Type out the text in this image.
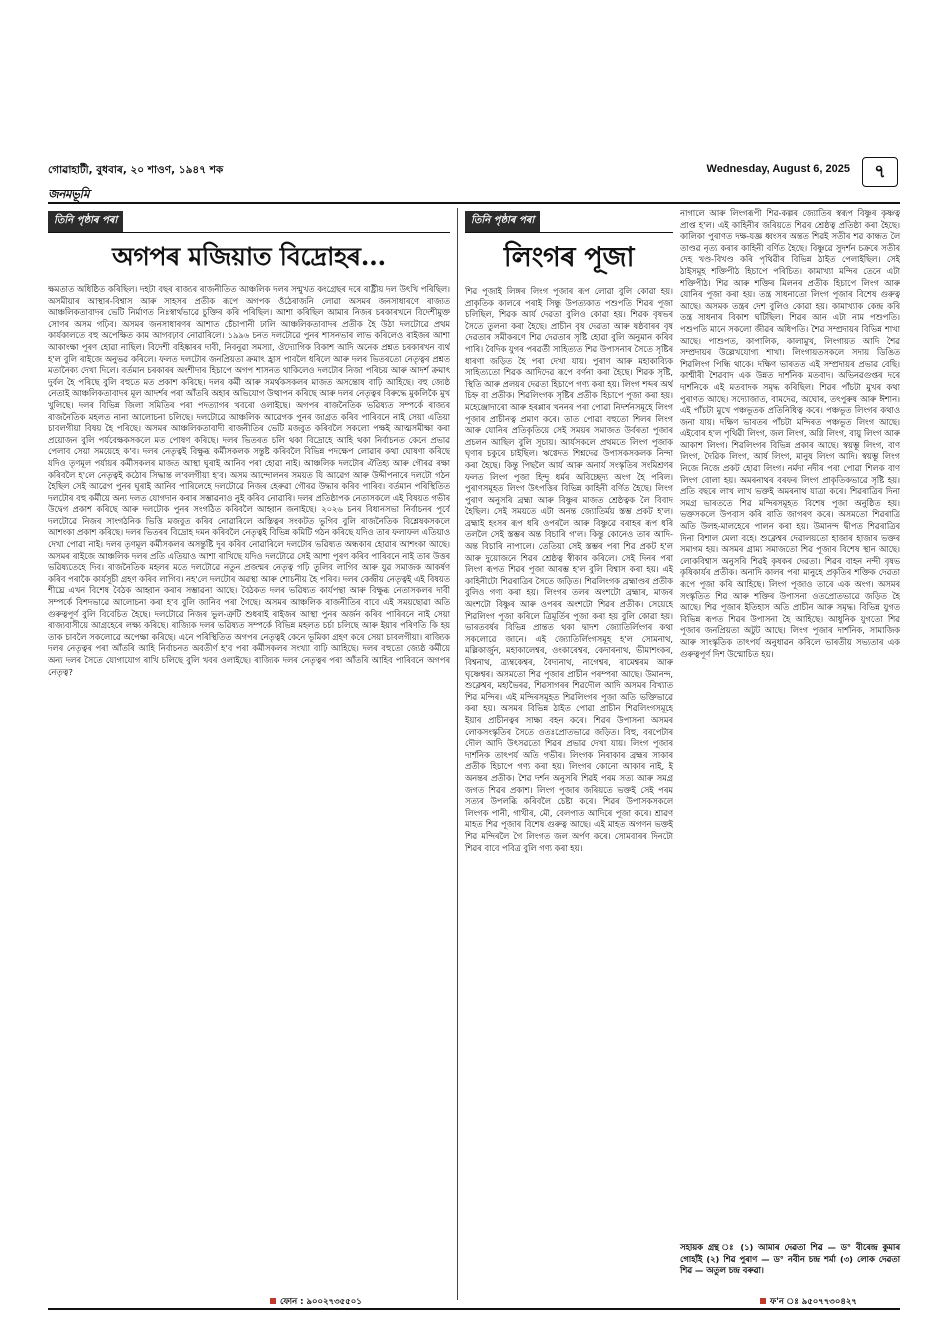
গোৱাহাটী, বুধবাৰ, ২০ শাওণ, ১৯৪৭ শক	Wednesday, August 6, 2025	৭
জনমভূমি
তিনি পৃষ্ঠাৰ পৰা
অগপৰ মজিয়াত বিদ্ৰোহৰ...

ক্ষমতাত অধিষ্ঠিত কৰিছিল। দহটা বছৰ ৰাজ্যৰ ৰাজনীতিত আঞ্চলিক দলৰ সন্মুখত কংগ্ৰেছৰ দৰে ৰাষ্ট্ৰীয় দল উৎখি পৰিছিল। অসমীয়াৰ আস্থাৰ-বিশ্বাস আৰু সাহসৰ প্ৰতীক ৰূপে অগপক ওঁঠেৰাজনি লোৱা অসমৰ জনসাধাৰণে ৰাজ্যত আঞ্চলিকতাবাদৰ ভেটি নিৰ্মাণত নিঃস্বাৰ্থভাৱে চুক্তিৰ কৰি পৰিছিল। আশা কৰিছিল আমাৰ নিজৰ চৰকাৰখনে বিদেশীমুক্ত সোণৰ অসম গঢ়িব। অসমৰ জনসাধাৰণৰ আশাত চেঁচাপানী ঢালি আঞ্চলিকতাবাদৰ প্ৰতীক হৈ উঠা দলটোৱে প্ৰথম কাৰ্যকালতে বহু অপেক্ষিত কাম আগবঢ়াব নোৱাৰিলে। ১৯৯৬ চনত দলটোৱে পুনৰ শাসনভাৰ লাভ কৰিলেও ৰাইজৰ আশা আকাংক্ষা পূৰণ হোৱা নাছিল। বিদেশী বহিষ্কাৰৰ দাবী, নিবনুৱা সমস্যা, ঔদ্যোগিক বিকাশ আদি অনেক প্ৰশ্নত চৰকাৰখন ব্যৰ্থ হ'ল বুলি ৰাইজে অনুভৱ কৰিলে। ফলত দলটোৰ জনপ্ৰিয়তা ক্ৰমাৎ হ্ৰাস পাবলৈ ধৰিলে আৰু দলৰ ভিতৰতো নেতৃত্বৰ প্ৰশ্নত মতানৈক্য দেখা দিলে। বৰ্তমান চৰকাৰৰ অংশীদাৰ হিচাপে অগপ শাসনত থাকিলেও দলটোৰ নিজা পৰিচয় আৰু আদৰ্শ ক্ৰমাৎ দুৰ্বল হৈ পৰিছে বুলি বহুতে মত প্ৰকাশ কৰিছে। দলৰ কৰ্মী আৰু সমৰ্থকসকলৰ মাজত অসন্তোষ বাঢ়ি আহিছে। বহু জ্যেষ্ঠ নেতাই আঞ্চলিকতাবাদৰ মূল আদৰ্শৰ পৰা আঁতৰি অহাৰ অভিযোগ উত্থাপন কৰিছে আৰু দলৰ নেতৃত্বৰ বিৰুদ্ধে মুকলিকৈ মুখ খুলিছে। দলৰ বিভিন্ন জিলা সমিতিৰ পৰা পদত্যাগৰ খবৰো ওলাইছে। অগপৰ ৰাজনৈতিক ভৱিষ্যত সম্পৰ্কে ৰাজ্যৰ ৰাজনৈতিক মহলত নানা আলোচনা চলিছে। দলটোৱে আঞ্চলিক আৱেগক পুনৰ জাগ্ৰত কৰিব পাৰিবনে নাই সেয়া এতিয়া চাবলগীয়া বিষয় হৈ পৰিছে। অসমৰ আঞ্চলিকতাবাদী ৰাজনীতিৰ ভেটি মজবুত কৰিবলৈ সকলো পক্ষই আত্মসমীক্ষা কৰা প্ৰয়োজন বুলি পৰ্যবেক্ষকসকলে মত পোষণ কৰিছে। দলৰ ভিতৰত চলি থকা বিদ্ৰোহে আহি থকা নিৰ্বাচনত কেনে প্ৰভাৱ পেলাব সেয়া সময়েহে ক'ব। দলৰ নেতৃত্বই বিক্ষুব্ধ কৰ্মীসকলক সন্তুষ্ট কৰিবলৈ বিভিন্ন পদক্ষেপ লোৱাৰ কথা ঘোষণা কৰিছে যদিও তৃণমূল পৰ্যায়ৰ কৰ্মীসকলৰ মাজত আস্থা ঘূৰাই আনিব পৰা হোৱা নাই। আঞ্চলিক দলটোৰ ঐতিহ্য আৰু গৌৰৱ ৰক্ষা কৰিবলৈ হ'লে নেতৃত্বই কঠোৰ সিদ্ধান্ত ল'বলগীয়া হ'ব। অসম আন্দোলনৰ সময়ত যি আৱেগ আৰু উদ্দীপনাৰে দলটো গঠন হৈছিল সেই আৱেগ পুনৰ ঘূৰাই আনিব পাৰিলেহে দলটোৱে নিজৰ হেৰুৱা গৌৰৱ উদ্ধাৰ কৰিব পাৰিব। বৰ্তমান পৰিস্থিতিত দলটোৰ বহু কৰ্মীয়ে অন্য দলত যোগদান কৰাৰ সম্ভাৱনাও নুই কৰিব নোৱাৰি। দলৰ প্ৰতিষ্ঠাপক নেতাসকলে এই বিষয়ত গভীৰ উদ্বেগ প্ৰকাশ কৰিছে আৰু দলটোক পুনৰ সংগঠিত কৰিবলৈ আহ্বান জনাইছে। ২০২৬ চনৰ বিধানসভা নিৰ্বাচনৰ পূৰ্বে দলটোৱে নিজৰ সাংগঠনিক ভিত্তি মজবুত কৰিব নোৱাৰিলে অস্তিত্বৰ সংকটত ভুগিব বুলি ৰাজনৈতিক বিশ্লেষকসকলে আশংকা প্ৰকাশ কৰিছে। দলৰ ভিতৰৰ বিদ্ৰোহ দমন কৰিবলৈ নেতৃত্বই বিভিন্ন কমিটি গঠন কৰিছে যদিও তাৰ ফলাফল এতিয়াও দেখা পোৱা নাই। দলৰ তৃণমূল কৰ্মীসকলৰ অসন্তুষ্টি দূৰ কৰিব নোৱাৰিলে দলটোৰ ভৱিষ্যত অন্ধকাৰ হোৱাৰ আশংকা আছে। অসমৰ ৰাইজে আঞ্চলিক দলৰ প্ৰতি এতিয়াও আশা ৰাখিছে যদিও দলটোৱে সেই আশা পূৰণ কৰিব পাৰিবনে নাই তাৰ উত্তৰ ভৱিষ্যতেহে দিব। ৰাজনৈতিক মহলৰ মতে দলটোৱে নতুন প্ৰজন্মৰ নেতৃত্ব গঢ়ি তুলিব লাগিব আৰু যুৱ সমাজক আকৰ্ষণ কৰিব পৰাকৈ কাৰ্যসূচী গ্ৰহণ কৰিব লাগিব। নহ'লে দলটোৰ অৱস্থা আৰু শোচনীয় হৈ পৰিব। দলৰ কেন্দ্ৰীয় নেতৃত্বই এই বিষয়ত শীঘ্ৰে এখন বিশেষ বৈঠক আহ্বান কৰাৰ সম্ভাৱনা আছে। বৈঠকত দলৰ ভৱিষ্যত কাৰ্যপন্থা আৰু বিক্ষুব্ধ নেতাসকলৰ দাবী সম্পৰ্কে বিশদভাৱে আলোচনা কৰা হ'ব বুলি জানিব পৰা গৈছে। অসমৰ আঞ্চলিক ৰাজনীতিৰ বাবে এই সময়ছোৱা অতি গুৰুত্বপূৰ্ণ বুলি বিবেচিত হৈছে। দলটোৱে নিজৰ ভুল-ত্ৰুটি শুধৰাই ৰাইজৰ আস্থা পুনৰ অৰ্জন কৰিব পাৰিবনে নাই সেয়া ৰাজ্যবাসীয়ে আগ্ৰহেৰে লক্ষ্য কৰিছে। ৰাজ্যিক দলৰ ভৱিষ্যত সম্পৰ্কে বিভিন্ন মহলত চৰ্চা চলিছে আৰু ইয়াৰ পৰিণতি কি হয় তাক চাবলৈ সকলোৱে অপেক্ষা কৰিছে। এনে পৰিস্থিতিত অগপৰ নেতৃত্বই কেনে ভূমিকা গ্ৰহণ কৰে সেয়া চাবলগীয়া। ৰাজ্যিক দলৰ নেতৃত্বৰ পৰা আঁতৰি আহি নিৰ্বাচনত অবতীৰ্ণ হ'ব পৰা কৰ্মীসকলৰ সংখ্যা বাঢ়ি আহিছে। দলৰ বহুতো জ্যেষ্ঠ কৰ্মীয়ে অন্য দলৰ সৈতে যোগাযোগ ৰাখি চলিছে বুলি খবৰ ওলাইছে। ৰাজ্যিক দলৰ নেতৃত্বৰ পৰা আঁতৰি আহিব পাৰিবনে অগপৰ নেতৃত্ব?

ফোন : ৯০০২৭৩৫৫০১
তিনি পৃষ্ঠাৰ পৰা
লিংগৰ পূজা

শিৱ পূজাই লিঙ্গৰ লিংগ পূজাৰ ৰূপ লোৱা বুলি কোৱা হয়। প্ৰাকৃতিক কালৰে পৰাই সিন্ধু উপত্যকাত পশুপতি শিৱৰ পূজা চলিছিল, শিৱক আৰ্য দেৱতা বুলিও কোৱা হয়। শিৱক বৃষভৰ সৈতে তুলনা কৰা হৈছে। প্ৰাচীন বৃষ দেৱতা আৰু ষষ্ঠবাৰৰ বৃষ দেৱতাৰ সমীকৰণে শিৱ দেৱতাৰ সৃষ্টি হোৱা বুলি অনুমান কৰিব পাৰি। বৈদিক যুগৰ পৰৱৰ্তী সাহিত্যত শিৱ উপাসনাৰ সৈতে সৃষ্টিৰ ধাৰণা জড়িত হৈ পৰা দেখা যায়। পুৰাণ আৰু মহাকাব্যিক সাহিত্যতো শিৱক আদিদেৱ ৰূপে বৰ্ণনা কৰা হৈছে। শিৱক সৃষ্টি, স্থিতি আৰু প্ৰলয়ৰ দেৱতা হিচাপে গণ্য কৰা হয়। লিংগ শব্দৰ অৰ্থ চিহ্ন বা প্ৰতীক। শিৱলিংগক সৃষ্টিৰ প্ৰতীক হিচাপে পূজা কৰা হয়। মহেঞ্জোদাৰো আৰু হৰপ্পাৰ খননৰ পৰা পোৱা নিদৰ্শনসমূহে লিংগ পূজাৰ প্ৰাচীনত্ব প্ৰমাণ কৰে। তাত পোৱা বহুতো শিলৰ লিংগ আৰু যোনিৰ প্ৰতিকৃতিয়ে সেই সময়ৰ সমাজত উৰ্বৰতা পূজাৰ প্ৰচলন আছিল বুলি সূচায়। আৰ্যসকলে প্ৰথমতে লিংগ পূজাক ঘৃণাৰ চকুৰে চাইছিল। ঋগ্বেদত শিশ্নদেৱ উপাসকসকলক নিন্দা কৰা হৈছে। কিন্তু পিছলৈ আৰ্য আৰু অনাৰ্য সংস্কৃতিৰ সংমিশ্ৰণৰ ফলত লিংগ পূজা হিন্দু ধৰ্মৰ অবিচ্ছেদ্য অংগ হৈ পৰিল। পুৰাণসমূহত লিংগ উৎপত্তিৰ বিভিন্ন কাহিনী বৰ্ণিত হৈছে। লিংগ পুৰাণ অনুসৰি ব্ৰহ্মা আৰু বিষ্ণুৰ মাজত শ্ৰেষ্ঠত্বক লৈ বিবাদ হৈছিল। সেই সময়তে এটা অনন্ত জ্যোতিৰ্ময় স্তম্ভ প্ৰকট হ'ল। ব্ৰহ্মাই হংসৰ ৰূপ ধৰি ওপৰলৈ আৰু বিষ্ণুৱে বৰাহৰ ৰূপ ধৰি তললৈ সেই স্তম্ভৰ অন্ত বিচাৰি গ'ল। কিন্তু কোনেও তাৰ আদি-অন্ত বিচাৰি নাপালে। তেতিয়া সেই স্তম্ভৰ পৰা শিৱ প্ৰকট হ'ল আৰু দুয়োজনে শিৱৰ শ্ৰেষ্ঠত্ব স্বীকাৰ কৰিলে। সেই দিনৰ পৰা লিংগ ৰূপত শিৱৰ পূজা আৰম্ভ হ'ল বুলি বিশ্বাস কৰা হয়। এই কাহিনীটো শিৱৰাত্ৰিৰ সৈতে জড়িত। শিৱলিংগক ব্ৰহ্মাণ্ডৰ প্ৰতীক বুলিও গণ্য কৰা হয়। লিংগৰ তলৰ অংশটো ব্ৰহ্মাৰ, মাজৰ অংশটো বিষ্ণুৰ আৰু ওপৰৰ অংশটো শিৱৰ প্ৰতীক। সেয়েহে শিৱলিংগ পূজা কৰিলে ত্ৰিমূৰ্তিৰ পূজা কৰা হয় বুলি কোৱা হয়। ভাৰতবৰ্ষৰ বিভিন্ন প্ৰান্তত থকা দ্বাদশ জ্যোতিৰ্লিংগৰ কথা সকলোৱে জানে। এই জ্যোতিৰ্লিংগসমূহ হ'ল সোমনাথ, মল্লিকাৰ্জুন, মহাকালেশ্বৰ, ওংকাৰেশ্বৰ, কেদাৰনাথ, ভীমাশংকৰ, বিশ্বনাথ, ত্ৰ্যম্বকেশ্বৰ, বৈদ্যনাথ, নাগেশ্বৰ, ৰামেশ্বৰম আৰু ঘৃষ্ণেশ্বৰ। অসমতো শিৱ পূজাৰ প্ৰাচীন পৰম্পৰা আছে। উমানন্দ, শুক্লেশ্বৰ, মহাভৈৰৱ, শিৱসাগৰৰ শিৱদৌল আদি অসমৰ বিখ্যাত শিৱ মন্দিৰ। এই মন্দিৰসমূহত শিৱলিংগৰ পূজা অতি ভক্তিভাৱে কৰা হয়। অসমৰ বিভিন্ন ঠাইত পোৱা প্ৰাচীন শিৱলিংগসমূহে ইয়াৰ প্ৰাচীনত্বৰ সাক্ষ্য বহন কৰে। শিৱৰ উপাসনা অসমৰ লোকসংস্কৃতিৰ সৈতে ওতঃপ্ৰোতভাৱে জড়িত। বিহু, বৰপেটাৰ দৌল আদি উৎসৱতো শিৱৰ প্ৰভাৱ দেখা যায়। লিংগ পূজাৰ দাৰ্শনিক তাৎপৰ্য অতি গভীৰ। লিংগক নিৰাকাৰ ব্ৰহ্মৰ সাকাৰ প্ৰতীক হিচাপে গণ্য কৰা হয়। লিংগৰ কোনো আকাৰ নাই, ই অনন্তৰ প্ৰতীক। শৈৱ দৰ্শন অনুসৰি শিৱই পৰম সত্য আৰু সমগ্ৰ জগত শিৱৰ প্ৰকাশ। লিংগ পূজাৰ জৰিয়তে ভক্তই সেই পৰম সত্যৰ উপলব্ধি কৰিবলৈ চেষ্টা কৰে। শিৱৰ উপাসকসকলে লিংগক পানী, গাখীৰ, মৌ, বেলপাত আদিৰে পূজা কৰে। শ্ৰাৱণ মাহত শিৱ পূজাৰ বিশেষ গুৰুত্ব আছে। এই মাহত অগণন ভক্তই শিৱ মন্দিৰলৈ গৈ লিংগত জল অৰ্পণ কৰে। সোমবাৰৰ দিনটো শিৱৰ বাবে পবিত্ৰ বুলি গণ্য কৰা হয়।

নাগালে আৰু লিংগৰূপী শিৱ-কল্পৰ জ্যোতিৰ স্বৰূপ বিষ্ণুৰ কৃষ্ণত্ব প্ৰাপ্ত হ'ল। এই কাহিনীৰ জৰিয়তে শিৱৰ শ্ৰেষ্ঠত্ব প্ৰতিষ্ঠা কৰা হৈছে। কালিকা পুৰাণত দক্ষ-যজ্ঞ ধ্বংসৰ অন্তত শিৱই সতীৰ শৱ কান্ধত লৈ তাণ্ডৱ নৃত্য কৰাৰ কাহিনী বৰ্ণিত হৈছে। বিষ্ণুৱে সুদৰ্শন চক্ৰৰে সতীৰ দেহ খণ্ড-বিখণ্ড কৰি পৃথিৱীৰ বিভিন্ন ঠাইত পেলাইছিল। সেই ঠাইসমূহ শক্তিপীঠ হিচাপে পৰিচিত। কামাখ্যা মন্দিৰ তেনে এটা শক্তিপীঠ। শিৱ আৰু শক্তিৰ মিলনৰ প্ৰতীক হিচাপে লিংগ আৰু যোনিৰ পূজা কৰা হয়। তন্ত্ৰ সাধনাতো লিংগ পূজাৰ বিশেষ গুৰুত্ব আছে। অসমক তন্ত্ৰৰ দেশ বুলিও কোৱা হয়। কামাখ্যাক কেন্দ্ৰ কৰি তন্ত্ৰ সাধনাৰ বিকাশ ঘটিছিল। শিৱৰ আন এটা নাম পশুপতি। পশুপতি মানে সকলো জীৱৰ অধিপতি। শৈৱ সম্প্ৰদায়ৰ বিভিন্ন শাখা আছে। পাশুপত, কাপালিক, কালামুখ, লিংগায়ত আদি শৈৱ সম্প্ৰদায়ৰ উল্লেখযোগ্য শাখা। লিংগায়তসকলে সদায় ডিঙিত শিৱলিংগ পিন্ধি থাকে। দক্ষিণ ভাৰতত এই সম্প্ৰদায়ৰ প্ৰভাৱ বেছি। কাশ্মীৰী শৈৱবাদ এক উন্নত দাৰ্শনিক মতবাদ। অভিনৱগুপ্তৰ দৰে দাৰ্শনিকে এই মতবাদক সমৃদ্ধ কৰিছিল। শিৱৰ পাঁচটা মুখৰ কথা পুৰাণত আছে। সদ্যোজাত, বামদেৱ, অঘোৰ, তৎপুৰুষ আৰু ঈশান। এই পাঁচটা মুখে পঞ্চভূতক প্ৰতিনিধিত্ব কৰে। পঞ্চভূত লিংগৰ কথাও জনা যায়। দক্ষিণ ভাৰতৰ পাঁচটা মন্দিৰত পঞ্চভূত লিংগ আছে। এইবোৰ হ'ল পৃথিৱী লিংগ, জল লিংগ, অগ্নি লিংগ, বায়ু লিংগ আৰু আকাশ লিংগ। শিৱলিংগৰ বিভিন্ন প্ৰকাৰ আছে। স্বয়ম্ভূ লিংগ, বাণ লিংগ, দৈৱিক লিংগ, আৰ্ষ লিংগ, মানুষ লিংগ আদি। স্বয়ম্ভূ লিংগ নিজে নিজে প্ৰকট হোৱা লিংগ। নৰ্মদা নদীৰ পৰা পোৱা শিলক বাণ লিংগ বোলা হয়। অমৰনাথৰ বৰফৰ লিংগ প্ৰাকৃতিকভাৱে সৃষ্টি হয়। প্ৰতি বছৰে লাখ লাখ ভক্তই অমৰনাথ যাত্ৰা কৰে। শিৱৰাত্ৰিৰ দিনা সমগ্ৰ ভাৰততে শিৱ মন্দিৰসমূহত বিশেষ পূজা অনুষ্ঠিত হয়। ভক্তসকলে উপবাস কৰি ৰাতি জাগৰণ কৰে। অসমতো শিৱৰাত্ৰি অতি উলহ-মালহেৰে পালন কৰা হয়। উমানন্দ দ্বীপত শিৱৰাত্ৰিৰ দিনা বিশাল মেলা বহে। শুক্লেশ্বৰ দেৱালয়তো হাজাৰ হাজাৰ ভক্তৰ সমাগম হয়। অসমৰ গ্ৰাম্য সমাজতো শিৱ পূজাৰ বিশেষ স্থান আছে। লোকবিশ্বাস অনুসৰি শিৱই কৃষকৰ দেৱতা। শিৱৰ বাহন নন্দী বৃষভ কৃষিকাৰ্যৰ প্ৰতীক। অনাদি কালৰ পৰা মানুহে প্ৰকৃতিৰ শক্তিক দেৱতা ৰূপে পূজা কৰি আহিছে। লিংগ পূজাও তাৰে এক অংগ। অসমৰ সংস্কৃতিত শিৱ আৰু শক্তিৰ উপাসনা ওতপ্ৰোতভাৱে জড়িত হৈ আছে। শিৱ পূজাৰ ইতিহাস অতি প্ৰাচীন আৰু সমৃদ্ধ। বিভিন্ন যুগত বিভিন্ন ৰূপত শিৱৰ উপাসনা হৈ আহিছে। আধুনিক যুগতো শিৱ পূজাৰ জনপ্ৰিয়তা অটুট আছে। লিংগ পূজাৰ দাৰ্শনিক, সামাজিক আৰু সাংস্কৃতিক তাৎপৰ্য অনুধাৱন কৰিলে ভাৰতীয় সভ্যতাৰ এক গুৰুত্বপূৰ্ণ দিশ উন্মোচিত হয়।

সহায়ক গ্ৰন্থ ঃ (১) আমাৰ দেৱতা শিৱ — ড° বীৰেন্দ্ৰ কুমাৰ গোহাঁই (২) শিৱ পুৰাণ — ড° নবীন চন্দ্ৰ শৰ্মা (৩) লোক দেৱতা শিৱ — অতুল চন্দ্ৰ বৰুৱা।
ফ'ন ঃ ৯৫০৭৭৩০৪২৭
